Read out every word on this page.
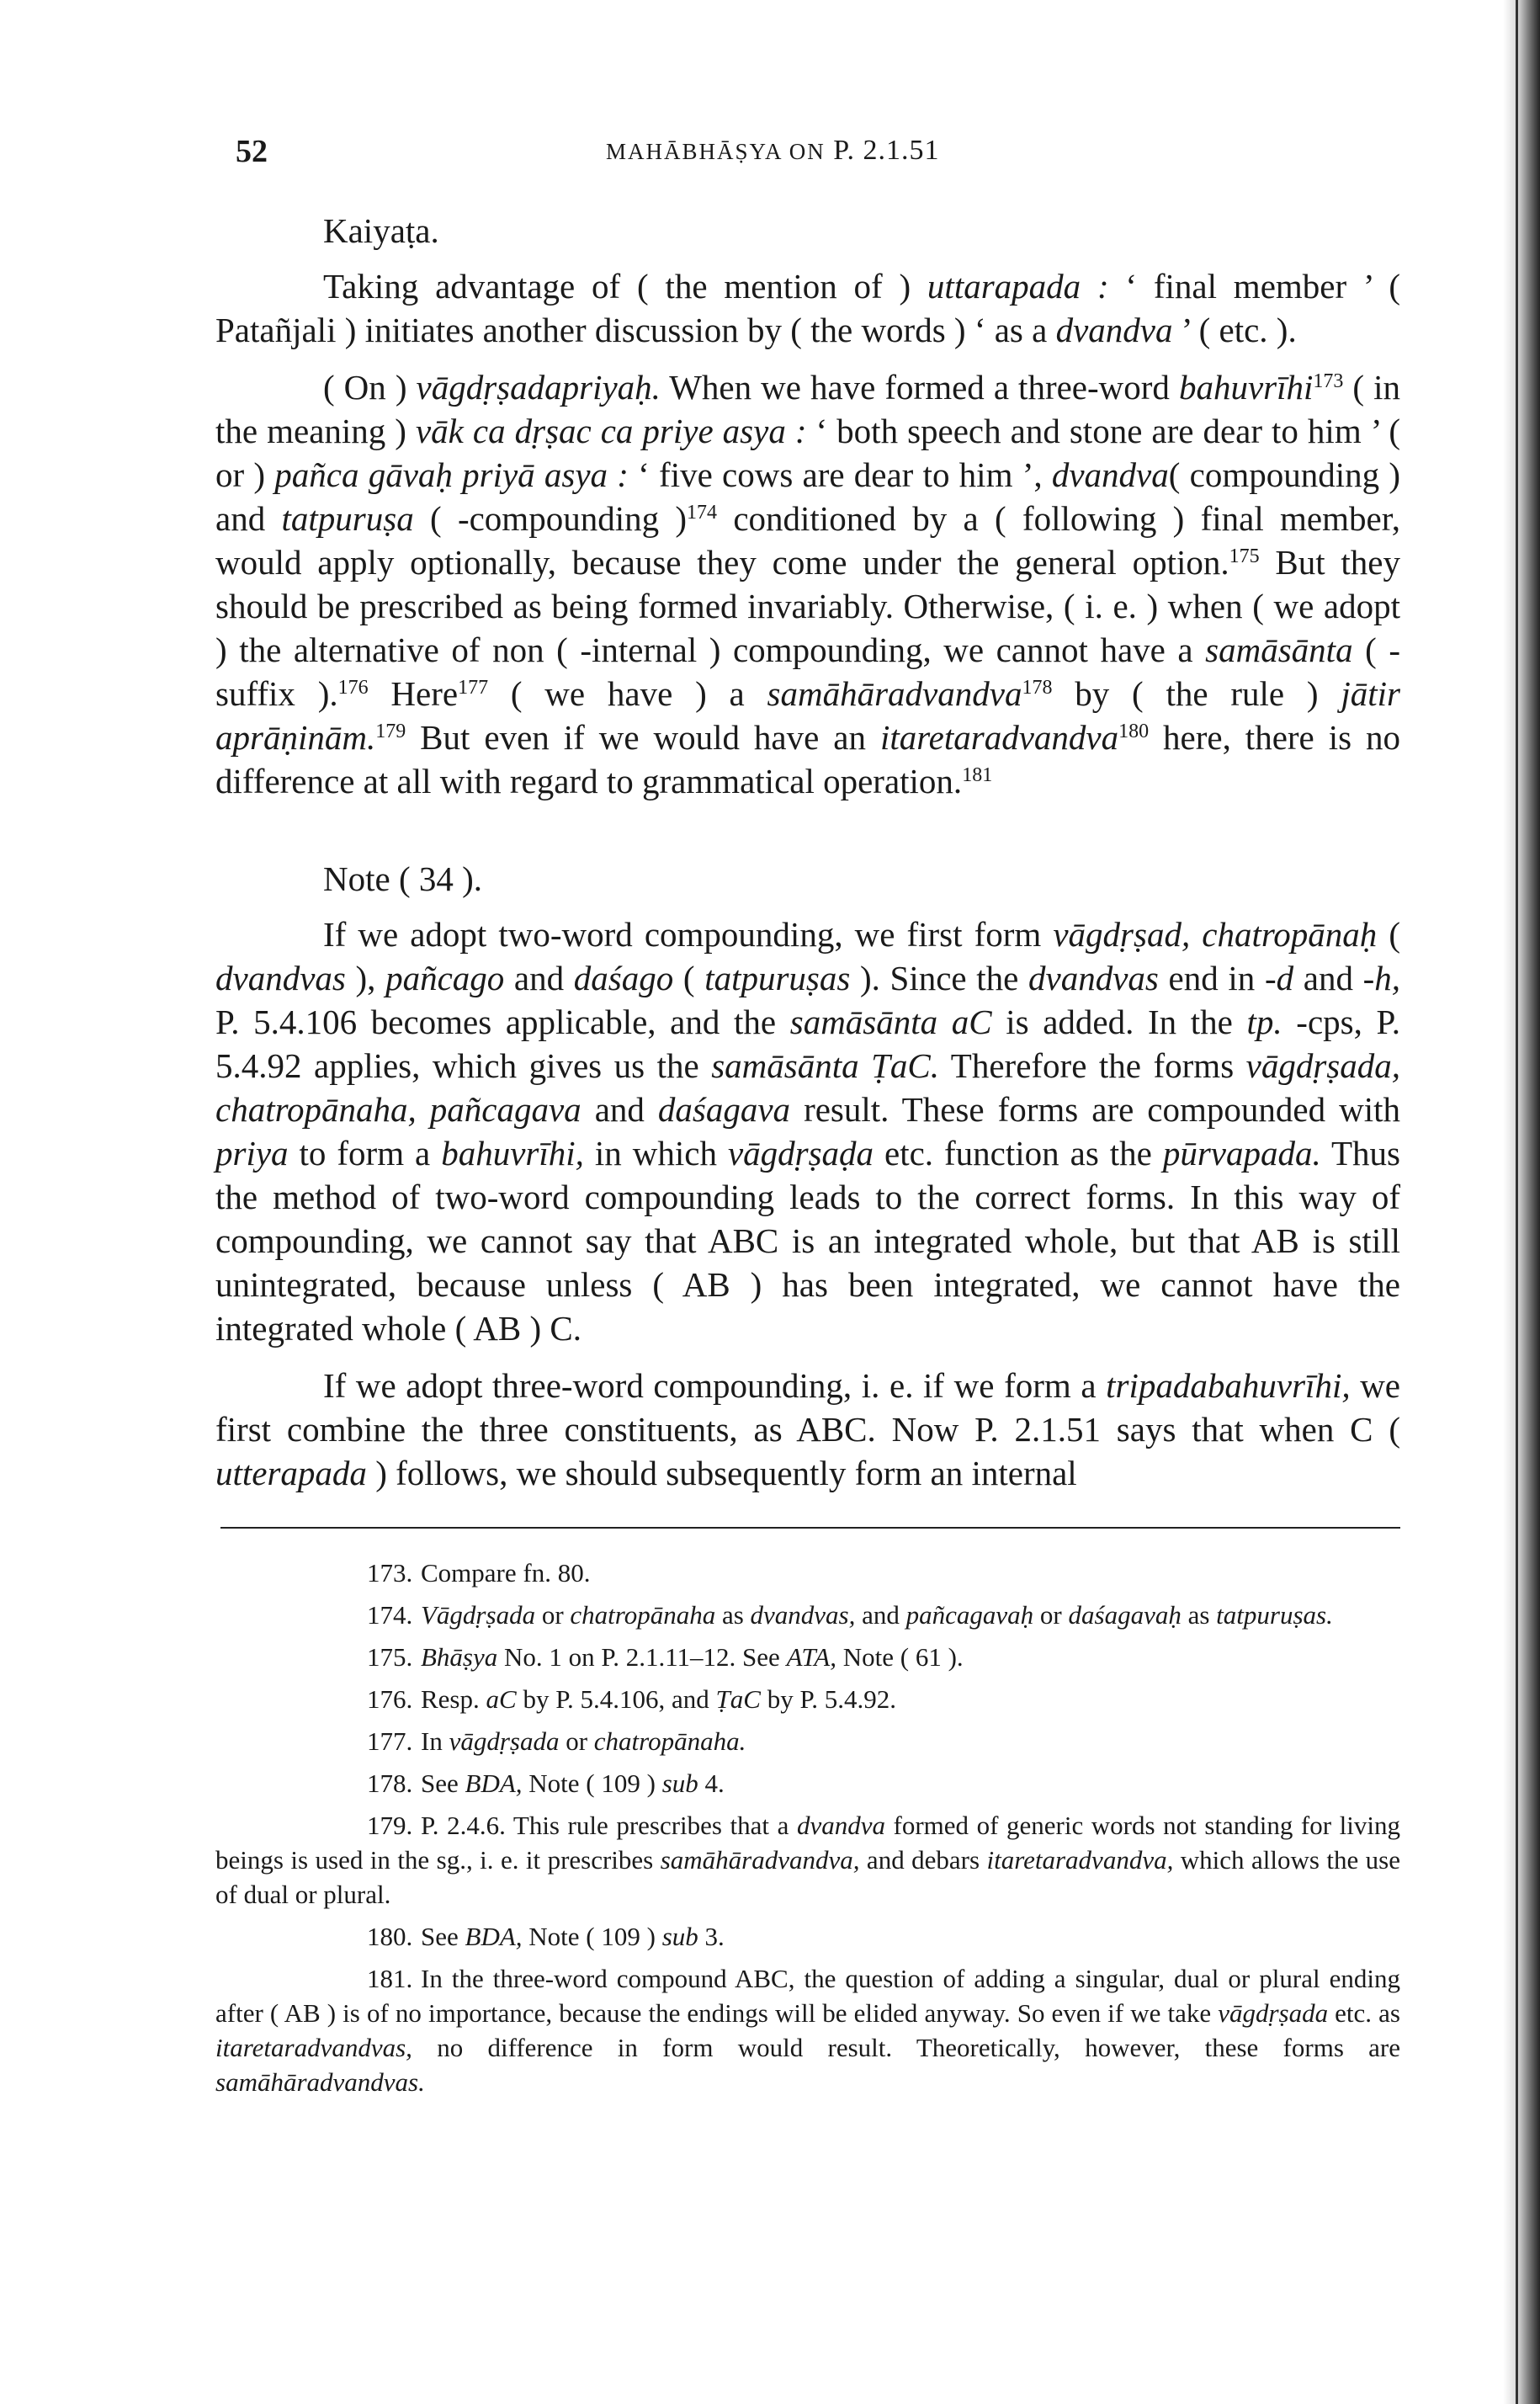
52	MAHĀBHĀṢYA ON P. 2.1.51

Kaiyaṭa.

Taking advantage of ( the mention of ) uttarapada : ‘ final member ’ ( Patañjali ) initiates another discussion by ( the words ) ‘ as a dvandva ’ ( etc. ).

( On ) vāgdṛṣadapriyaḥ. When we have formed a three-word bahuvrīhi$^{173}$ ( in the meaning ) vāk ca dṛṣac ca priye asya : ‘ both speech and stone are dear to him ’ ( or ) pañca gāvaḥ priyā asya : ‘ five cows are dear to him ’, dvandva( compounding ) and tatpuruṣa ( -compounding )$^{174}$ conditioned by a ( following ) final member, would apply optionally, because they come under the general option.$^{175}$ But they should be prescribed as being formed invariably. Otherwise, ( i. e. ) when ( we adopt ) the alternative of non ( -internal ) compounding, we cannot have a samāsānta ( -suffix ).$^{176}$ Here$^{177}$ ( we have ) a samāhāradvandva$^{178}$ by ( the rule ) jātir aprāṇinām.$^{179}$ But even if we would have an itaretaradvandva$^{180}$ here, there is no difference at all with regard to grammatical operation.$^{181}$

Note ( 34 ).

If we adopt two-word compounding, we first form vāgdṛṣad, chatropānaḥ ( dvandvas ), pañcago and daśago ( tatpuruṣas ). Since the dvandvas end in -d and -h, P. 5.4.106 becomes applicable, and the samāsānta aC is added. In the tp. -cps, P. 5.4.92 applies, which gives us the samāsānta ṬaC. Therefore the forms vāgdṛṣada, chatropānaha, pañcagava and daśagava result. These forms are compounded with priya to form a bahuvrīhi, in which vāgdṛṣaḍa etc. function as the pūrvapada. Thus the method of two-word compounding leads to the correct forms. In this way of compounding, we cannot say that ABC is an integrated whole, but that AB is still unintegrated, because unless ( AB ) has been integrated, we cannot have the integrated whole ( AB ) C.

If we adopt three-word compounding, i. e. if we form a tripadabahuvrīhi, we first combine the three constituents, as ABC. Now P. 2.1.51 says that when C ( utterapada ) follows, we should subsequently form an internal

173. Compare fn. 80.

174. Vāgdṛṣada or chatropānaha as dvandvas, and pañcagavaḥ or daśagavaḥ as tatpuruṣas.

175. Bhāṣya No. 1 on P. 2.1.11–12. See ATA, Note ( 61 ).

176. Resp. aC by P. 5.4.106, and ṬaC by P. 5.4.92.

177. In vāgdṛṣada or chatropānaha.

178. See BDA, Note ( 109 ) sub 4.

179. P. 2.4.6. This rule prescribes that a dvandva formed of generic words not standing for living beings is used in the sg., i. e. it prescribes samāhāradvandva, and debars itaretaradvandva, which allows the use of dual or plural.

180. See BDA, Note ( 109 ) sub 3.

181. In the three-word compound ABC, the question of adding a singular, dual or plural ending after ( AB ) is of no importance, because the endings will be elided anyway. So even if we take vāgdṛṣada etc. as itaretaradvandvas, no difference in form would result. Theoretically, however, these forms are samāhāradvandvas.
